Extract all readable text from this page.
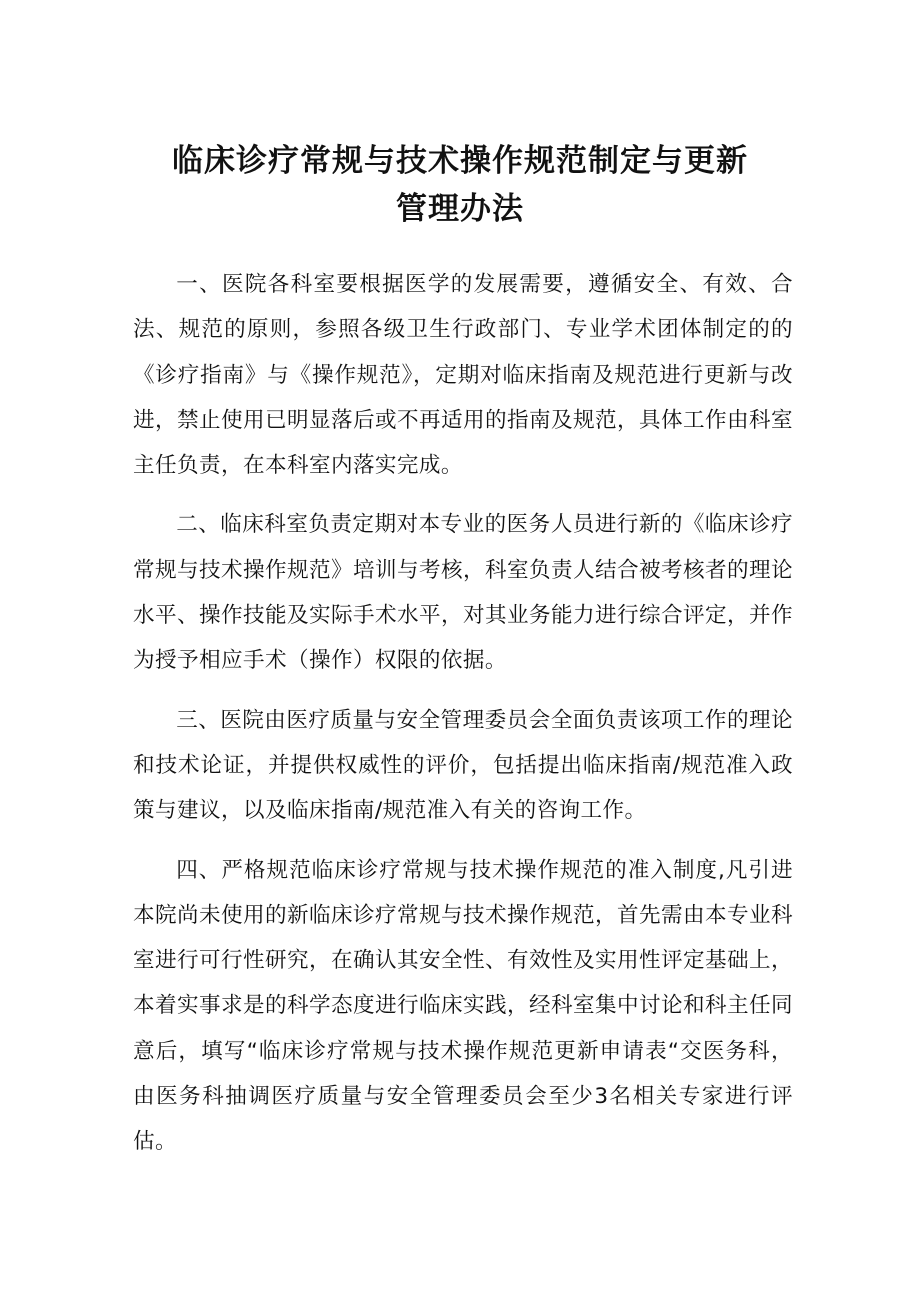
临床诊疗常规与技术操作规范制定与更新
管理办法

一、医院各科室要根据医学的发展需要，遵循安全、有效、合法、规范的原则，参照各级卫生行政部门、专业学术团体制定的的《诊疗指南》与《操作规范》，定期对临床指南及规范进行更新与改进，禁止使用已明显落后或不再适用的指南及规范，具体工作由科室主任负责，在本科室内落实完成。

二、临床科室负责定期对本专业的医务人员进行新的《临床诊疗常规与技术操作规范》培训与考核，科室负责人结合被考核者的理论水平、操作技能及实际手术水平，对其业务能力进行综合评定，并作为授予相应手术（操作）权限的依据。

三、医院由医疗质量与安全管理委员会全面负责该项工作的理论和技术论证，并提供权威性的评价，包括提出临床指南/规范准入政策与建议，以及临床指南/规范准入有关的咨询工作。

四、严格规范临床诊疗常规与技术操作规范的准入制度,凡引进本院尚未使用的新临床诊疗常规与技术操作规范，首先需由本专业科室进行可行性研究，在确认其安全性、有效性及实用性评定基础上，本着实事求是的科学态度进行临床实践，经科室集中讨论和科主任同意后，填写“临床诊疗常规与技术操作规范更新申请表“交医务科，由医务科抽调医疗质量与安全管理委员会至少3名相关专家进行评估。
